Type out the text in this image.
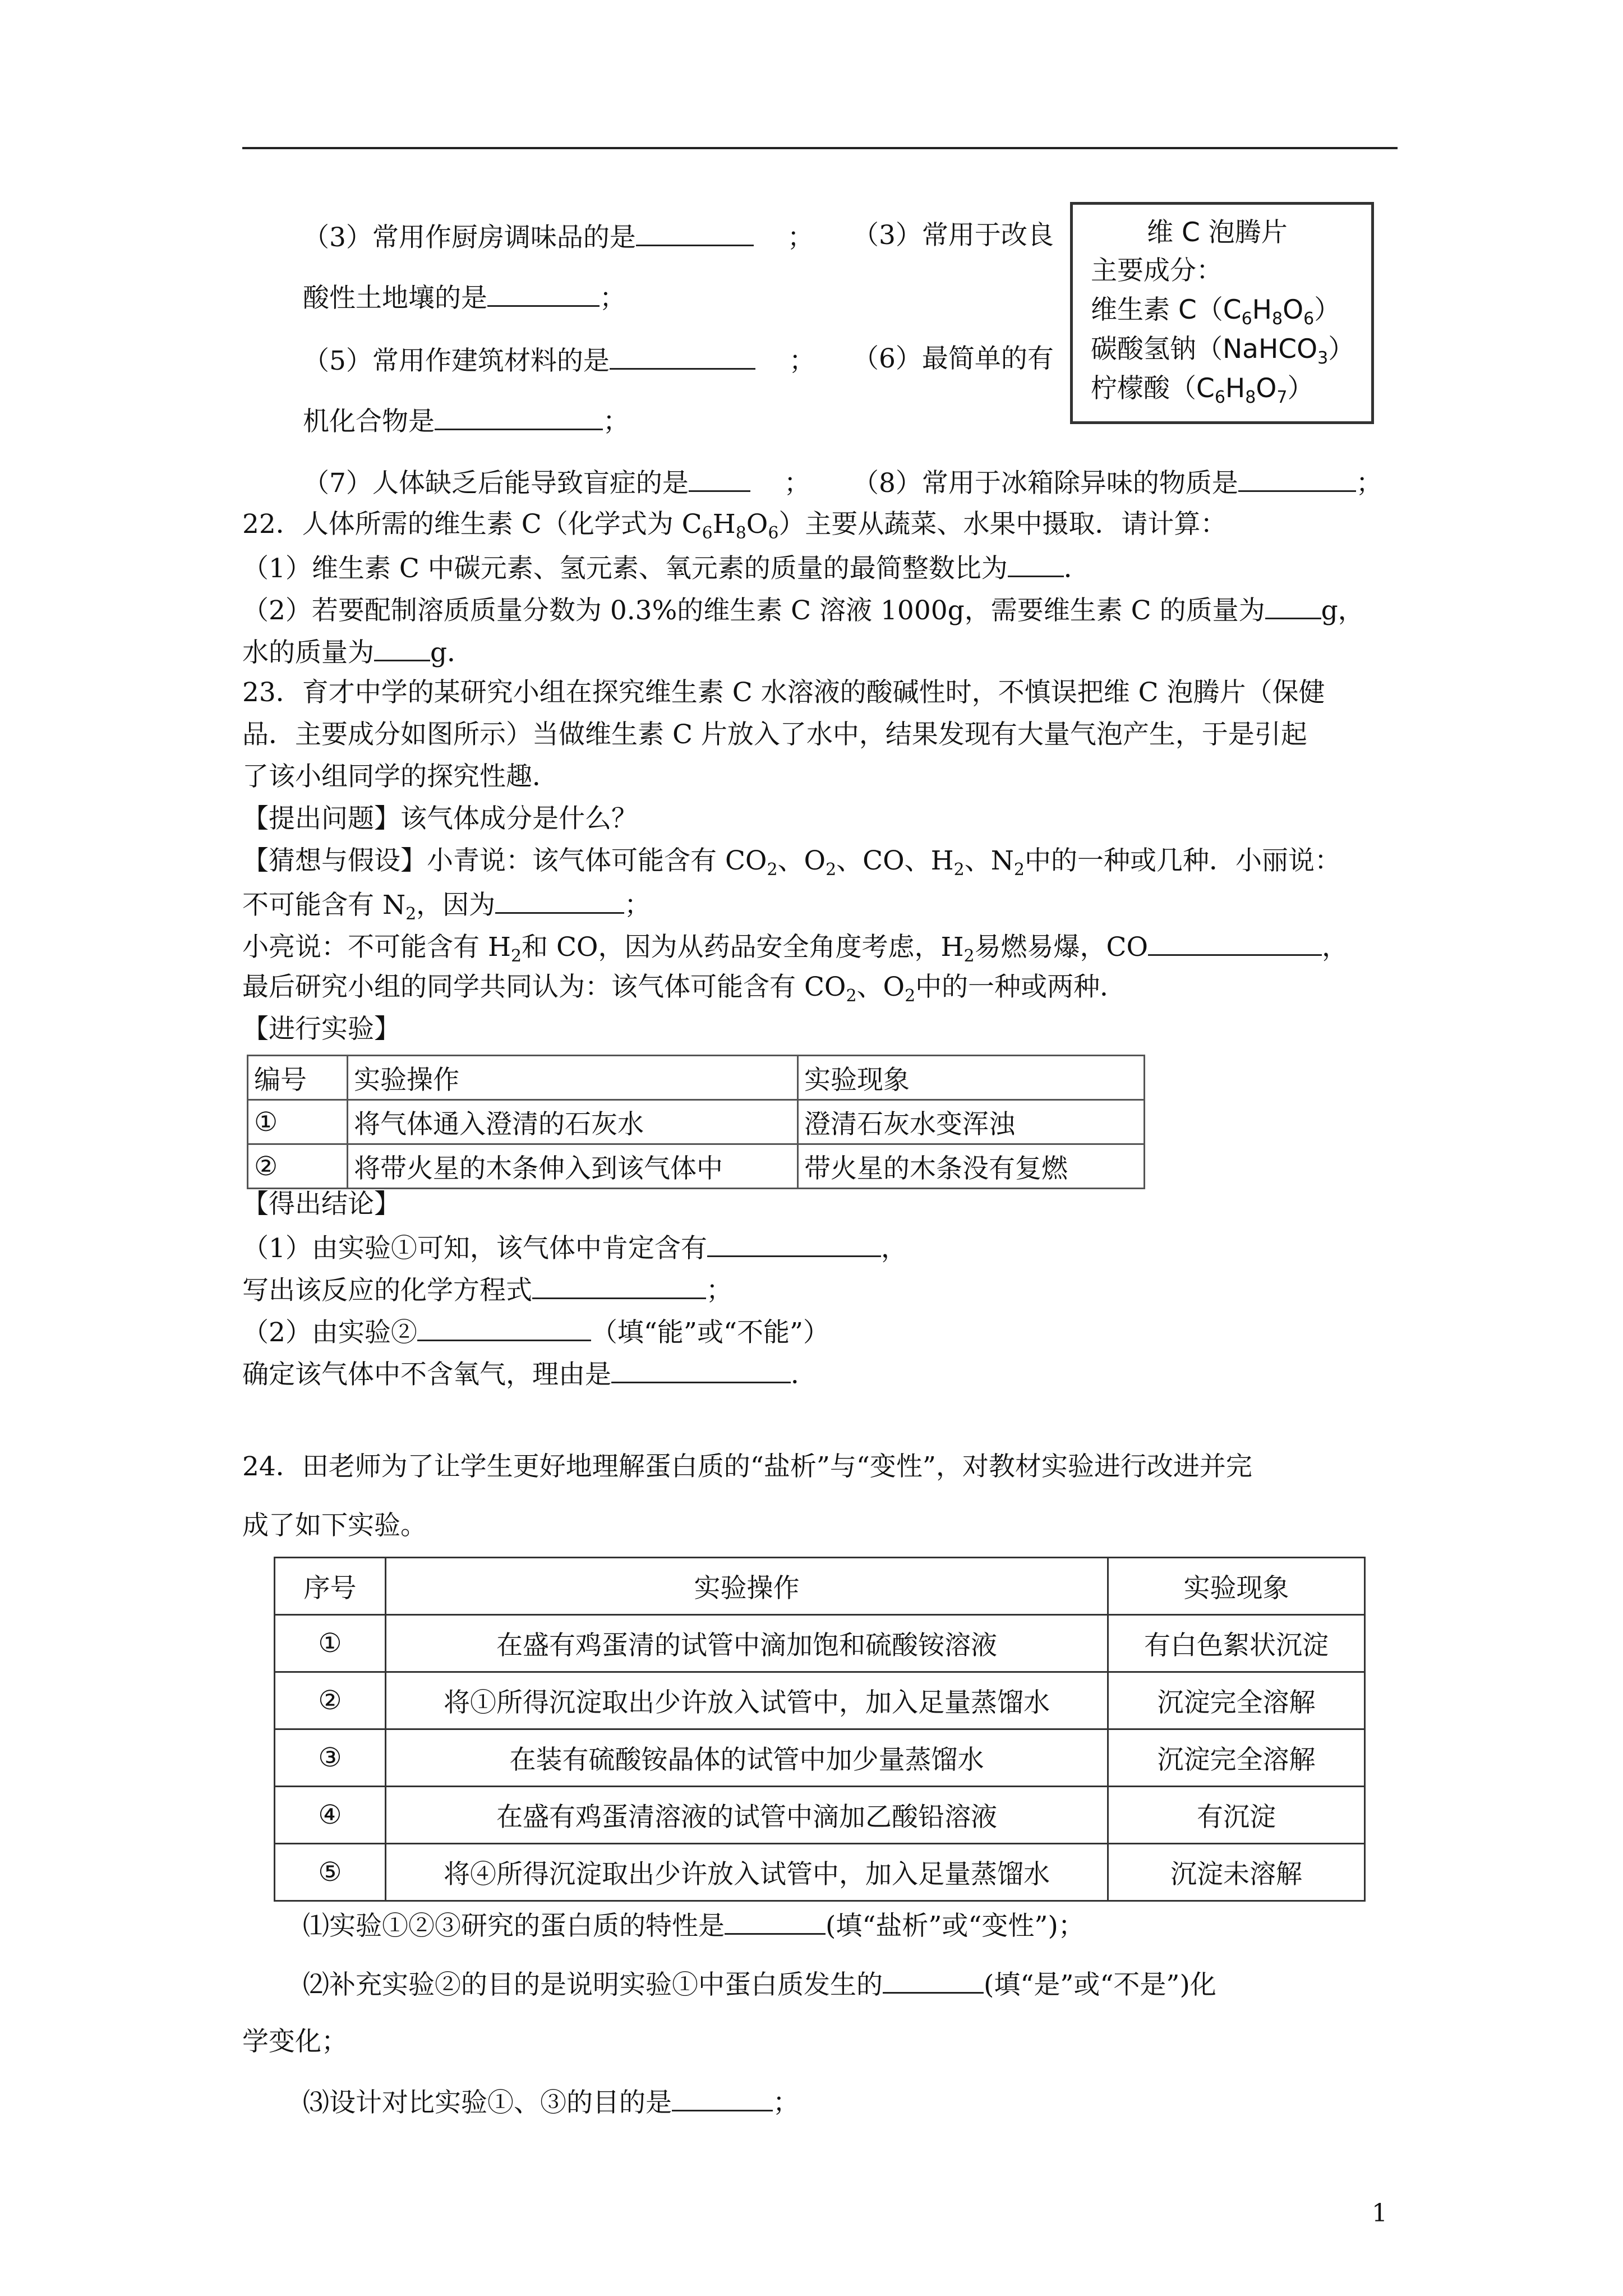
维 C 泡腾片
主要成分：
维生素 $C(C_6H_8O_6)$
碳酸氢钠（NaHCO$_3$）
柠檬酸$(C_6H_8O_7)$
（3）常用作厨房调味品的是	； （3）常用于改良
酸性土地壤的是	；
（5）常用作建筑材料的是	； （6）最简单的有
机化合物是	；
（7）人体缺乏后能导致盲症的是	； （8）常用于冰箱除异味的物质是	；
22．人体所需的维生素 C（化学式为 $C_6H_8O_6$）主要从蔬菜、水果中摄取．请计算：
（1）维生素 C 中碳元素、氢元素、氧元素的质量的最简整数比为 ．
（2）若要配制溶质质量分数为 0.3%的维生素 C 溶液 1000g，需要维生素 C 的质量为 g，
水的质量为 g．
23．育才中学的某研究小组在探究维生素 C 水溶液的酸碱性时，不慎误把维 C 泡腾片（保健
品．主要成分如图所示）当做维生素 C 片放入了水中，结果发现有大量气泡产生，于是引起
了该小组同学的探究性趣．
【提出问题】该气体成分是什么？
【猜想与假设】小青说：该气体可能含有 $CO_2$、$O_2$、CO、$H_2$、$N_2$中的一种或几种．小丽说：
不可能含有 $N_2$，因为	；
小亮说：不可能含有 $H_2$和 CO，因为从药品安全角度考虑，$H_2$易燃易爆，CO	，
最后研究小组的同学共同认为：该气体可能含有 $CO_2$、$O_2$中的一种或两种．
【进行实验】
编号	实验操作	实验现象
①	将气体通入澄清的石灰水	澄清石灰水变浑浊
②	将带火星的木条伸入到该气体中	带火星的木条没有复燃
【得出结论】
（1）由实验①可知，该气体中肯定含有	，
写出该反应的化学方程式	；
（2）由实验②	（填“能”或“不能”）
确定该气体中不含氧气，理由是	．
24．田老师为了让学生更好地理解蛋白质的“盐析”与“变性”，对教材实验进行改进并完
成了如下实验。
序号	实验操作	实验现象
①	在盛有鸡蛋清的试管中滴加饱和硫酸铵溶液	有白色絮状沉淀
②	将①所得沉淀取出少许放入试管中，加入足量蒸馏水	沉淀完全溶解
③	在装有硫酸铵晶体的试管中加少量蒸馏水	沉淀完全溶解
④	在盛有鸡蛋清溶液的试管中滴加乙酸铅溶液	有沉淀
⑤	将④所得沉淀取出少许放入试管中，加入足量蒸馏水	沉淀未溶解
⑴实验①②③研究的蛋白质的特性是	(填“盐析”或“变性”)；
⑵补充实验②的目的是说明实验①中蛋白质发生的	(填“是”或“不是”)化
学变化；
⑶设计对比实验①、③的目的是	；
1
